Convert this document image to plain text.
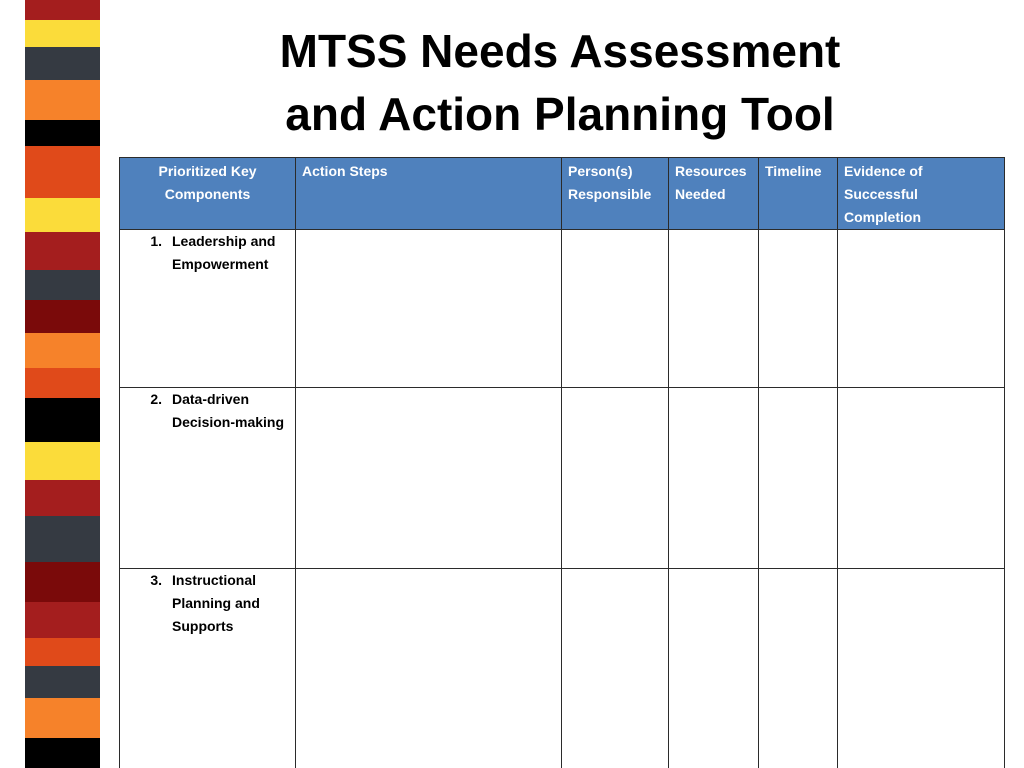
MTSS Needs Assessment
and Action Planning Tool
Prioritized Key Components	Action Steps	Person(s) Responsible	Resources Needed	Timeline	Evidence of Successful Completion

1. Leadership and Empowerment					

2. Data-driven Decision-making					

3. Instructional Planning and Supports					
